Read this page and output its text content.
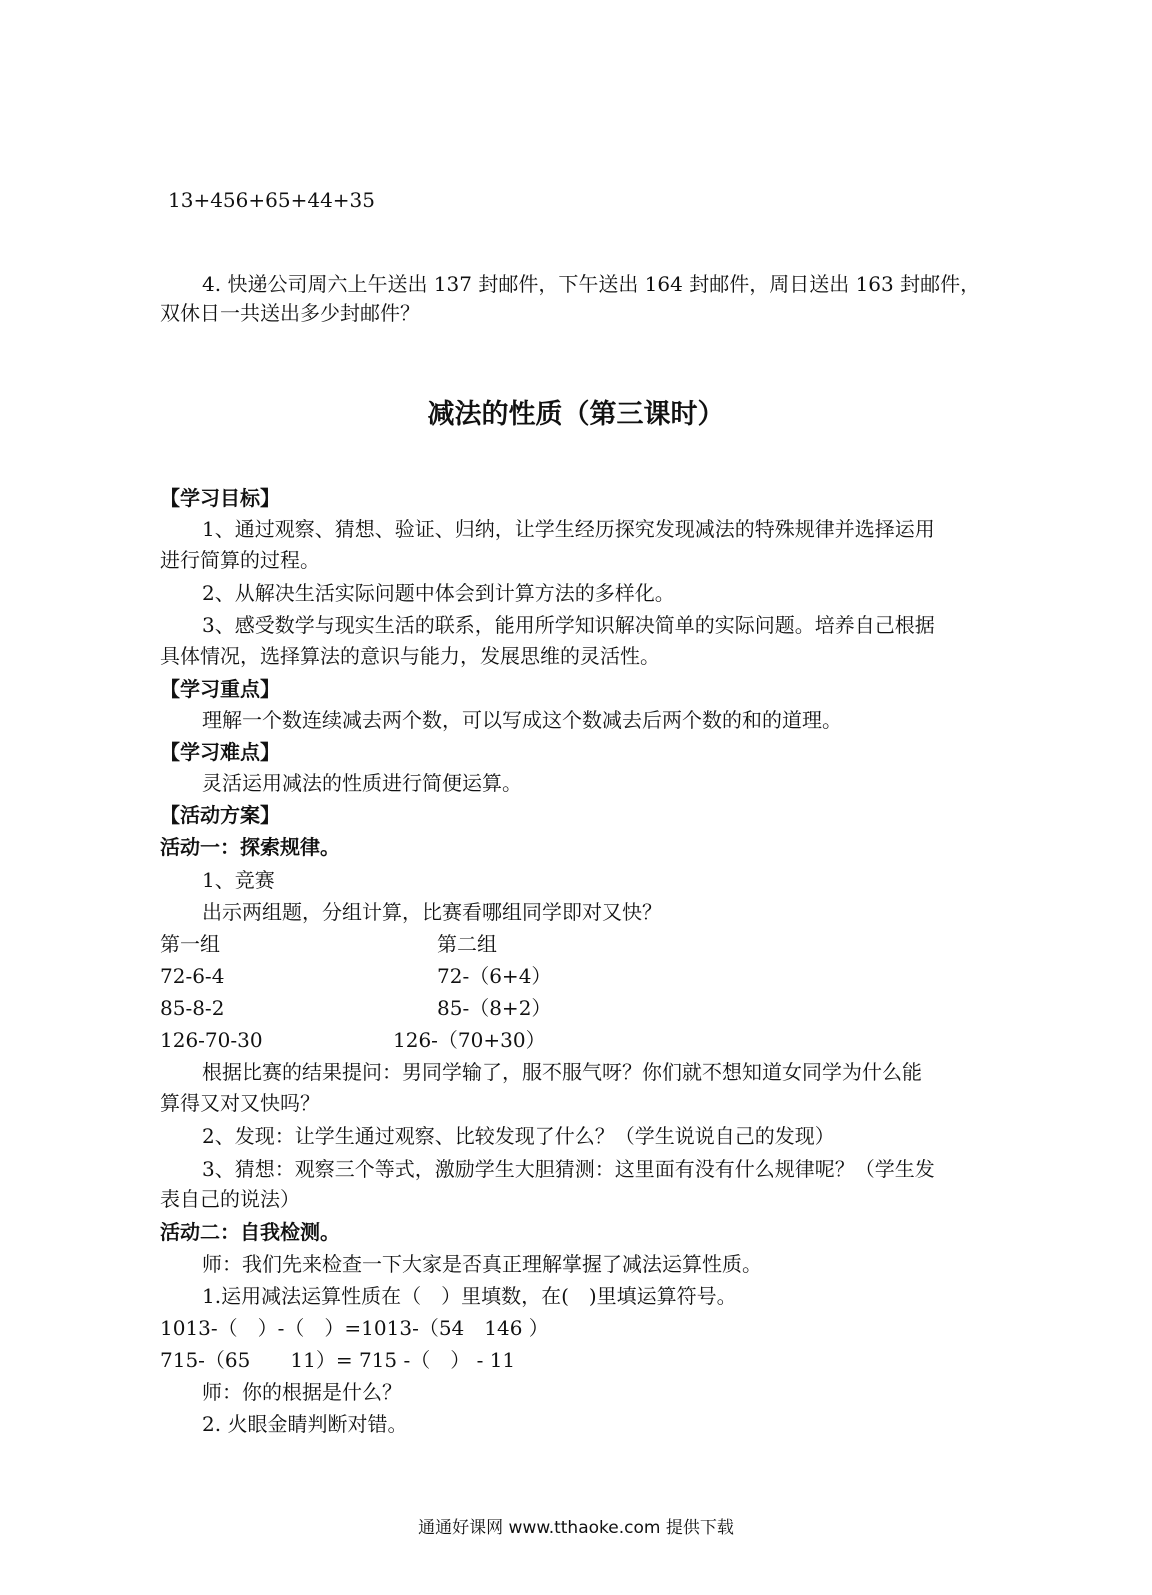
13+456+65+44+35
4. 快递公司周六上午送出 137 封邮件，下午送出 164 封邮件，周日送出 163 封邮件，
双休日一共送出多少封邮件？
减法的性质（第三课时）
【学习目标】
1、通过观察、猜想、验证、归纳，让学生经历探究发现减法的特殊规律并选择运用
进行简算的过程。
2、从解决生活实际问题中体会到计算方法的多样化。
3、感受数学与现实生活的联系，能用所学知识解决简单的实际问题。培养自己根据
具体情况，选择算法的意识与能力，发展思维的灵活性。
【学习重点】
理解一个数连续减去两个数，可以写成这个数减去后两个数的和的道理。
【学习难点】
灵活运用减法的性质进行简便运算。
【活动方案】
活动一：探索规律。
1、竞赛
出示两组题，分组计算，比赛看哪组同学即对又快？
第一组	第二组
72-6-4	72-（6+4）
85-8-2	85-（8+2）
126-70-30	126-（70+30）
根据比赛的结果提问：男同学输了，服不服气呀？你们就不想知道女同学为什么能
算得又对又快吗？
2、发现：让学生通过观察、比较发现了什么？（学生说说自己的发现）
3、猜想：观察三个等式，激励学生大胆猜测：这里面有没有什么规律呢？（学生发
表自己的说法）
活动二：自我检测。
师：我们先来检查一下大家是否真正理解掌握了减法运算性质。
1.运用减法运算性质在（　）里填数，在(　)里填运算符号。
1013-（　）-（　）=1013-（54　146 ）
715-（65　　11）= 715 -（　） - 11
师：你的根据是什么？
2. 火眼金睛判断对错。
通通好课网 www.tthaoke.com 提供下载
